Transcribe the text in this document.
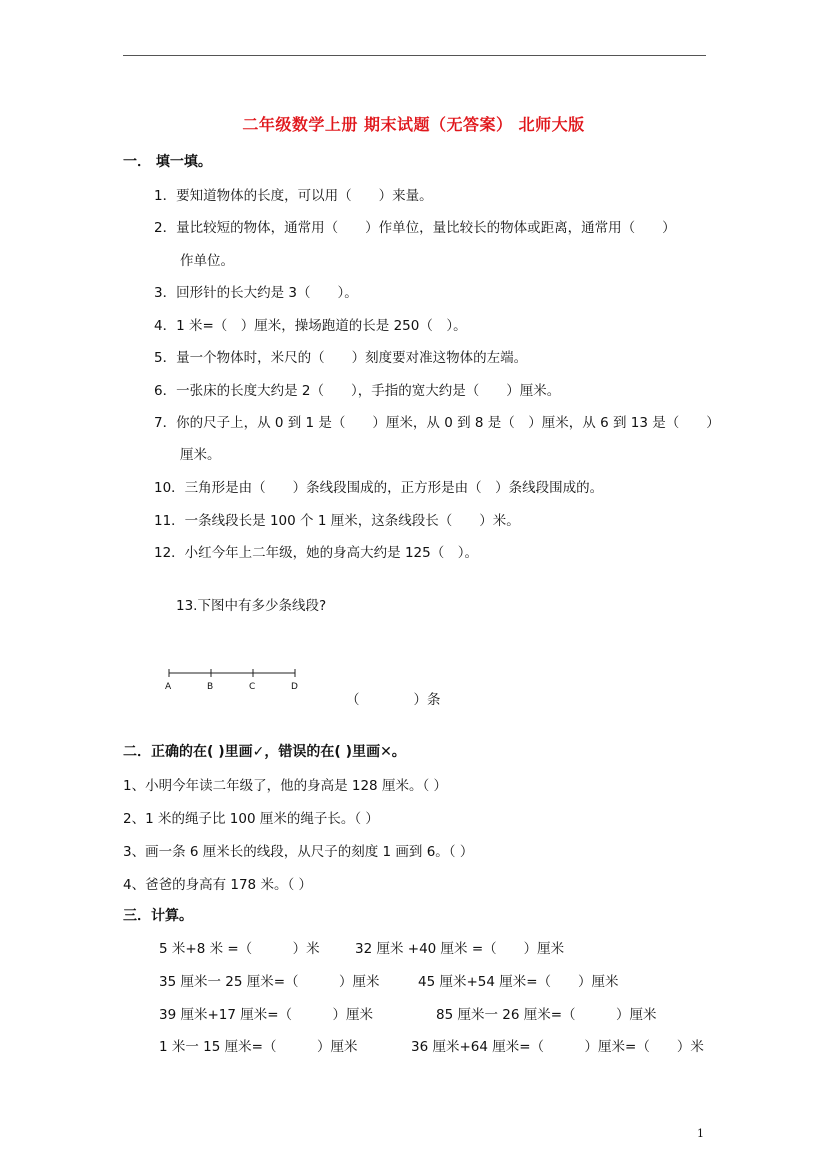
二年级数学上册 期末试题（无答案） 北师大版
一． 填一填。
1．要知道物体的长度，可以用（　　）来量。
2．量比较短的物体，通常用（　　）作单位，量比较长的物体或距离，通常用（　　）
作单位。
3．回形针的长大约是 3（　　）。
4．1 米=（　）厘米，操场跑道的长是 250（　）。
5．量一个物体时，米尺的（　　）刻度要对准这物体的左端。
6．一张床的长度大约是 2（　　），手指的宽大约是（　　）厘米。
7．你的尺子上，从 0 到 1 是（　　）厘米，从 0 到 8 是（　）厘米，从 6 到 13 是（　　）
厘米。
10．三角形是由（　　）条线段围成的，正方形是由（　）条线段围成的。
11．一条线段长是 100 个 1 厘米，这条线段长（　　）米。
12．小红今年上二年级，她的身高大约是 125（　）。
13.下图中有多少条线段?
A	B	C	D
（　　　　）条
二．正确的在( )里画✓，错误的在( )里画✕。
1、小明今年读二年级了，他的身高是 128 厘米。（ ）
2、1 米的绳子比 100 厘米的绳子长。（ ）
3、画一条 6 厘米长的线段，从尺子的刻度 1 画到 6。（ ）
4、爸爸的身高有 178 米。（ ）
三．计算。
5 米+8 米 =（　　　）米	32 厘米 +40 厘米 =（　　）厘米
35 厘米一 25 厘米=（　　　）厘米	45 厘米+54 厘米=（　　）厘米
39 厘米+17 厘米=（　　　）厘米	85 厘米一 26 厘米=（　　　）厘米
1 米一 15 厘米=（　　　）厘米	36 厘米+64 厘米=（　　　）厘米=（　　）米
1
